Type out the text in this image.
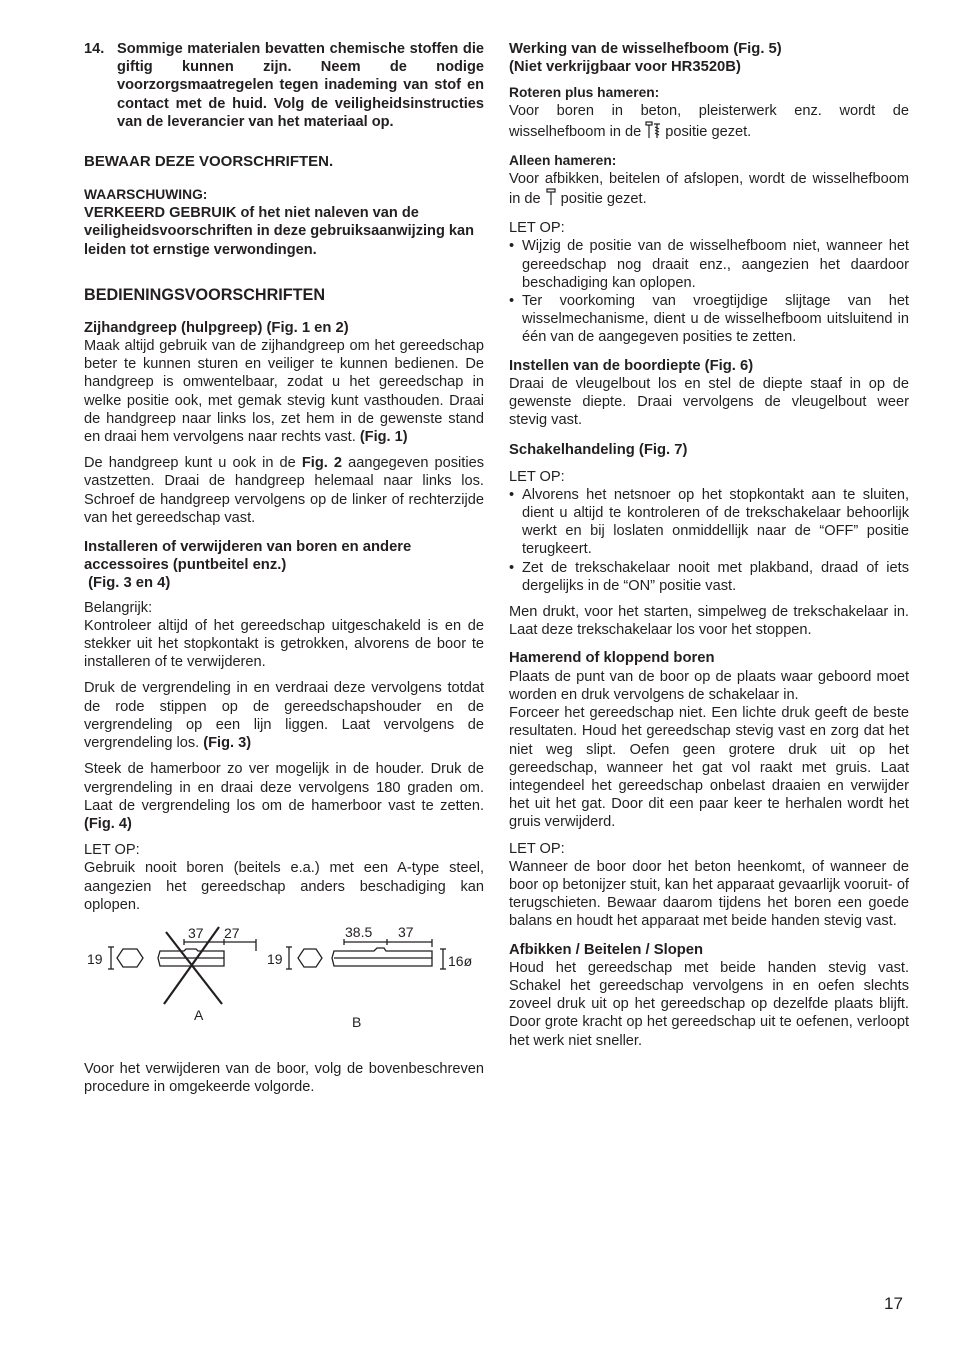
14. Sommige materialen bevatten chemische stoffen die giftig kunnen zijn. Neem de nodige voorzorgsmaatregelen tegen inademing van stof en contact met de huid. Volg de veiligheidsinstructies van de leverancier van het materiaal op.
BEWAAR DEZE VOORSCHRIFTEN.
WAARSCHUWING:

VERKEERD GEBRUIK of het niet naleven van de veiligheidsvoorschriften in deze gebruiksaanwijzing kan leiden tot ernstige verwondingen.

BEDIENINGSVOORSCHRIFTEN
Zijhandgreep (hulpgreep) (Fig. 1 en 2)

Maak altijd gebruik van de zijhandgreep om het gereedschap beter te kunnen sturen en veiliger te kunnen bedienen. De handgreep is omwentelbaar, zodat u het gereedschap in welke positie ook, met gemak stevig kunt vasthouden. Draai de handgreep naar links los, zet hem in de gewenste stand en draai hem vervolgens naar rechts vast. (Fig. 1)

De handgreep kunt u ook in de Fig. 2 aangegeven posities vastzetten. Draai de handgreep helemaal naar links los. Schroef de handgreep vervolgens op de linker of rechterzijde van het gereedschap vast.

Installeren of verwijderen van boren en andere accessoires (puntbeitel enz.)
(Fig. 3 en 4)
Belangrijk:

Kontroleer altijd of het gereedschap uitgeschakeld is en de stekker uit het stopkontakt is getrokken, alvorens de boor te installeren of te verwijderen.

Druk de vergrendeling in en verdraai deze vervolgens totdat de rode stippen op de gereedschapshouder en de vergrendeling op een lijn liggen. Laat vervolgens de vergrendeling los. (Fig. 3)

Steek de hamerboor zo ver mogelijk in de houder. Druk de vergrendeling in en draai deze vervolgens 180 graden om. Laat de vergrendeling los om de hamerboor vast te zetten. (Fig. 4)

LET OP:

Gebruik nooit boren (beitels e.a.) met een A-type steel, aangezien het gereedschap anders beschadiging kan oplopen.

37 27
19
A
38.5 37
19	16ø
B

Voor het verwijderen van de boor, volg de bovenbeschreven procedure in omgekeerde volgorde.

Werking van de wisselhefboom (Fig. 5)
(Niet verkrijgbaar voor HR3520B)
Roteren plus hameren:

Voor boren in beton, pleisterwerk enz. wordt de wisselhefboom in de positie gezet.

Alleen hameren:

Voor afbikken, beitelen of afslopen, wordt de wisselhefboom in de positie gezet.

LET OP:
• Wijzig de positie van de wisselhefboom niet, wanneer het gereedschap nog draait enz., aangezien het daardoor beschadiging kan oplopen.
• Ter voorkoming van vroegtijdige slijtage van het wisselmechanisme, dient u de wisselhefboom uitsluitend in één van de aangegeven posities te zetten.
Instellen van de boordiepte (Fig. 6)

Draai de vleugelbout los en stel de diepte staaf in op de gewenste diepte. Draai vervolgens de vleugelbout weer stevig vast.

Schakelhandeling (Fig. 7)
LET OP:
• Alvorens het netsnoer op het stopkontakt aan te sluiten, dient u altijd te kontroleren of de trekschakelaar behoorlijk werkt en bij loslaten onmiddellijk naar de “OFF” positie terugkeert.
• Zet de trekschakelaar nooit met plakband, draad of iets dergelijks in de “ON” positie vast.

Men drukt, voor het starten, simpelweg de trekschakelaar in. Laat deze trekschakelaar los voor het stoppen.

Hamerend of kloppend boren
Plaats de punt van de boor op de plaats waar geboord moet worden en druk vervolgens de schakelaar in.

Forceer het gereedschap niet. Een lichte druk geeft de beste resultaten. Houd het gereedschap stevig vast en zorg dat het niet weg slipt. Oefen geen grotere druk uit op het gereedschap, wanneer het gat vol raakt met gruis. Laat integendeel het gereedschap onbelast draaien en verwijder het uit het gat. Door dit een paar keer te herhalen wordt het gruis verwijderd.

LET OP:

Wanneer de boor door het beton heenkomt, of wanneer de boor op betonijzer stuit, kan het apparaat gevaarlijk vooruit- of terugschieten. Bewaar daarom tijdens het boren een goede balans en houdt het apparaat met beide handen stevig vast.

Afbikken / Beitelen / Slopen

Houd het gereedschap met beide handen stevig vast. Schakel het gereedschap vervolgens in en oefen slechts zoveel druk uit op het gereedschap op dezelfde plaats blijft. Door grote kracht op het gereedschap uit te oefenen, verloopt het werk niet sneller.

17
